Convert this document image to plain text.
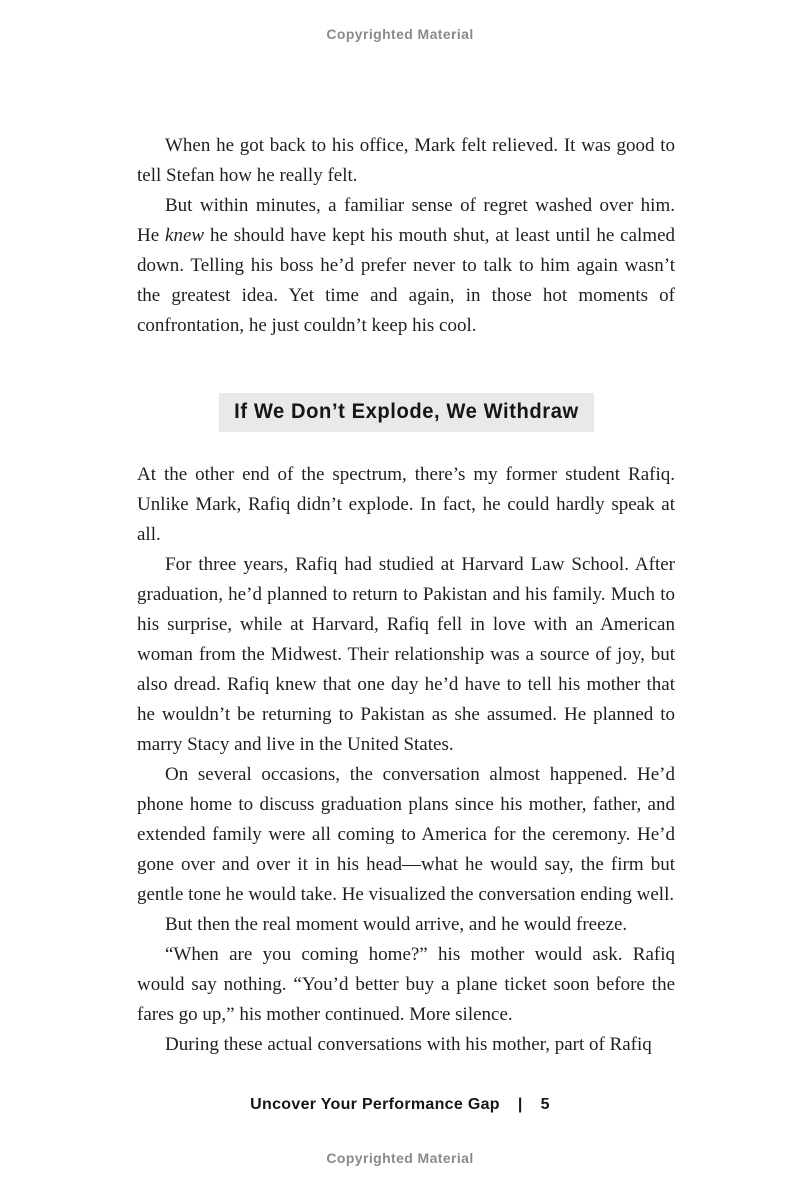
Copyrighted Material

When he got back to his office, Mark felt relieved. It was good to tell Stefan how he really felt.

But within minutes, a familiar sense of regret washed over him. He knew he should have kept his mouth shut, at least until he calmed down. Telling his boss he’d prefer never to talk to him again wasn’t the greatest idea. Yet time and again, in those hot moments of confrontation, he just couldn’t keep his cool.

If We Don’t Explode, We Withdraw

At the other end of the spectrum, there’s my former student Rafiq. Unlike Mark, Rafiq didn’t explode. In fact, he could hardly speak at all.

For three years, Rafiq had studied at Harvard Law School. After graduation, he’d planned to return to Pakistan and his family. Much to his surprise, while at Harvard, Rafiq fell in love with an American woman from the Midwest. Their relationship was a source of joy, but also dread. Rafiq knew that one day he’d have to tell his mother that he wouldn’t be returning to Pakistan as she assumed. He planned to marry Stacy and live in the United States.

On several occasions, the conversation almost happened. He’d phone home to discuss graduation plans since his mother, father, and extended family were all coming to America for the ceremony. He’d gone over and over it in his head—what he would say, the firm but gentle tone he would take. He visualized the conversation ending well.

But then the real moment would arrive, and he would freeze.

“When are you coming home?” his mother would ask. Rafiq would say nothing. “You’d better buy a plane ticket soon before the fares go up,” his mother continued. More silence.

During these actual conversations with his mother, part of Rafiq

Uncover Your Performance Gap | 5
Copyrighted Material
